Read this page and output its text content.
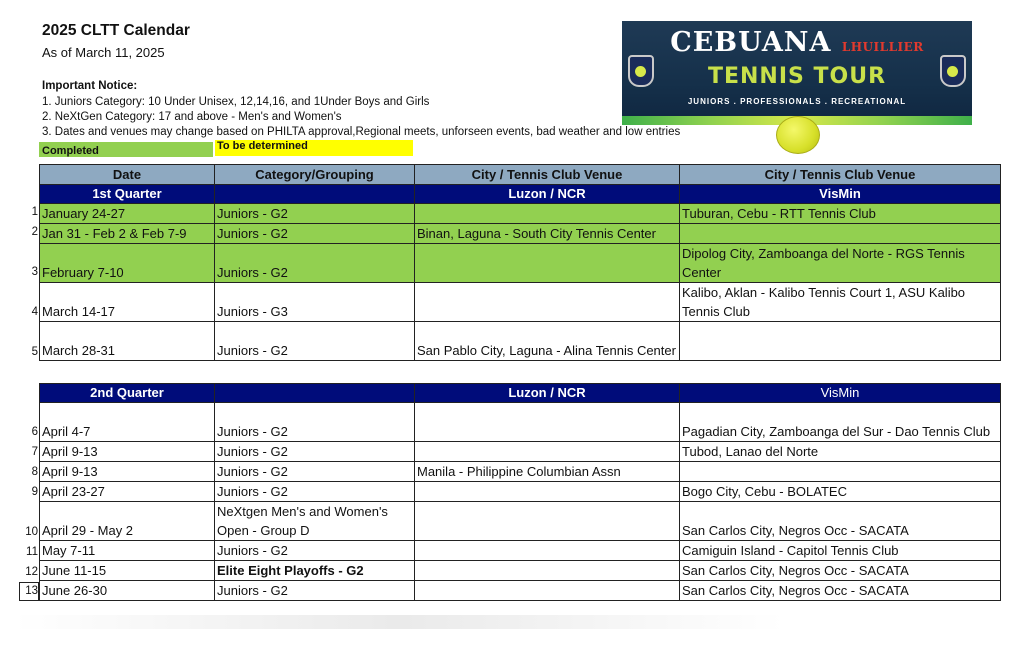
2025 CLTT Calendar
As of March 11, 2025
Important Notice:
1. Juniors Category: 10 Under Unisex, 12,14,16, and 1Under Boys and Girls
2. NeXtGen Category: 17 and above - Men's and Women's
3. Dates and venues may change based on PHILTA approval,Regional meets, unforseen events, bad weather and low entries
Completed	To be determined
CEBUANA LHUILLIER
TENNIS TOUR
JUNIORS . PROFESSIONALS . RECREATIONAL
Date	Category/Grouping	City / Tennis Club Venue	City / Tennis Club Venue
1st Quarter		Luzon / NCR	VisMin
January 24-27	Juniors - G2		Tuburan, Cebu - RTT Tennis Club
Jan 31 - Feb 2 & Feb 7-9	Juniors - G2	Binan, Laguna - South City Tennis Center	
February 7-10	Juniors - G2		Dipolog City, Zamboanga del Norte - RGS Tennis Center
March 14-17	Juniors - G3		Kalibo, Aklan - Kalibo Tennis Court 1, ASU Kalibo Tennis Club
March 28-31	Juniors - G2	San Pablo City, Laguna - Alina Tennis Center	
2nd Quarter		Luzon / NCR	VisMin
April 4-7	Juniors - G2		Pagadian City, Zamboanga del Sur - Dao Tennis Club
April 9-13	Juniors - G2		Tubod, Lanao del Norte
April 9-13	Juniors - G2	Manila - Philippine Columbian Assn	
April 23-27	Juniors - G2		Bogo City, Cebu - BOLATEC
April 29 - May 2	NeXtgen Men's and Women's Open - Group D		San Carlos City, Negros Occ - SACATA
May 7-11	Juniors - G2		Camiguin Island - Capitol Tennis Club
June 11-15	Elite Eight Playoffs - G2		San Carlos City, Negros Occ - SACATA
June 26-30	Juniors - G2		San Carlos City, Negros Occ - SACATA
1
2
3
4
5
6
7
8
9
10
11
12
13
